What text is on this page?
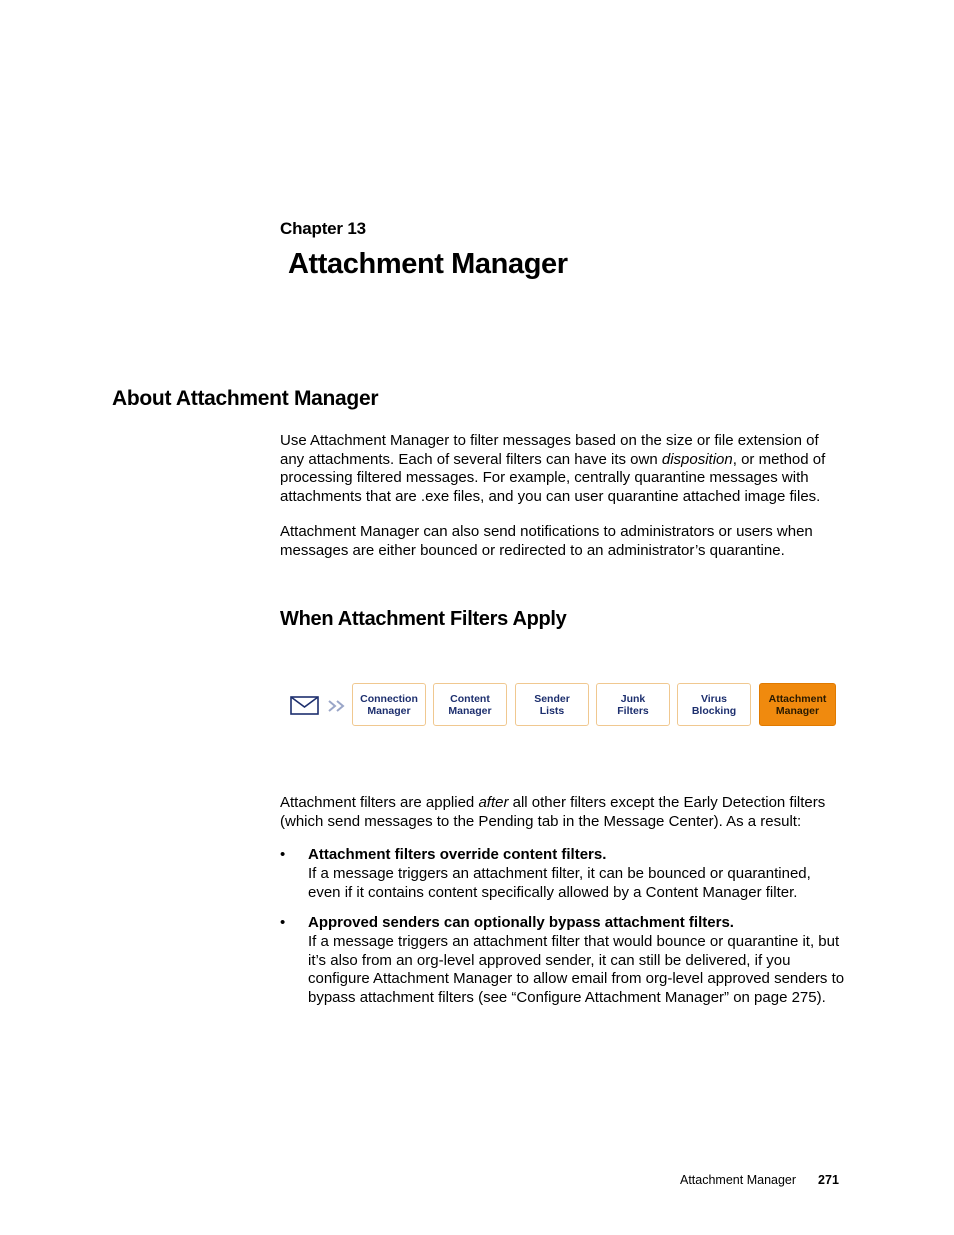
Chapter 13
Attachment Manager
About Attachment Manager
Use Attachment Manager to filter messages based on the size or file extension of any attachments. Each of several filters can have its own disposition, or method of processing filtered messages. For example, centrally quarantine messages with attachments that are .exe files, and you can user quarantine attached image files.
Attachment Manager can also send notifications to administrators or users when messages are either bounced or redirected to an administrator’s quarantine.
When Attachment Filters Apply
Connection
Manager
Content
Manager
Sender
Lists
Junk
Filters
Virus
Blocking
Attachment
Manager
Attachment filters are applied after all other filters except the Early Detection filters (which send messages to the Pending tab in the Message Center). As a result:
• Attachment filters override content filters.
If a message triggers an attachment filter, it can be bounced or quarantined, even if it contains content specifically allowed by a Content Manager filter.
• Approved senders can optionally bypass attachment filters.
If a message triggers an attachment filter that would bounce or quarantine it, but it’s also from an org-level approved sender, it can still be delivered, if you configure Attachment Manager to allow email from org-level approved senders to bypass attachment filters (see “Configure Attachment Manager” on page 275).
Attachment Manager 271
